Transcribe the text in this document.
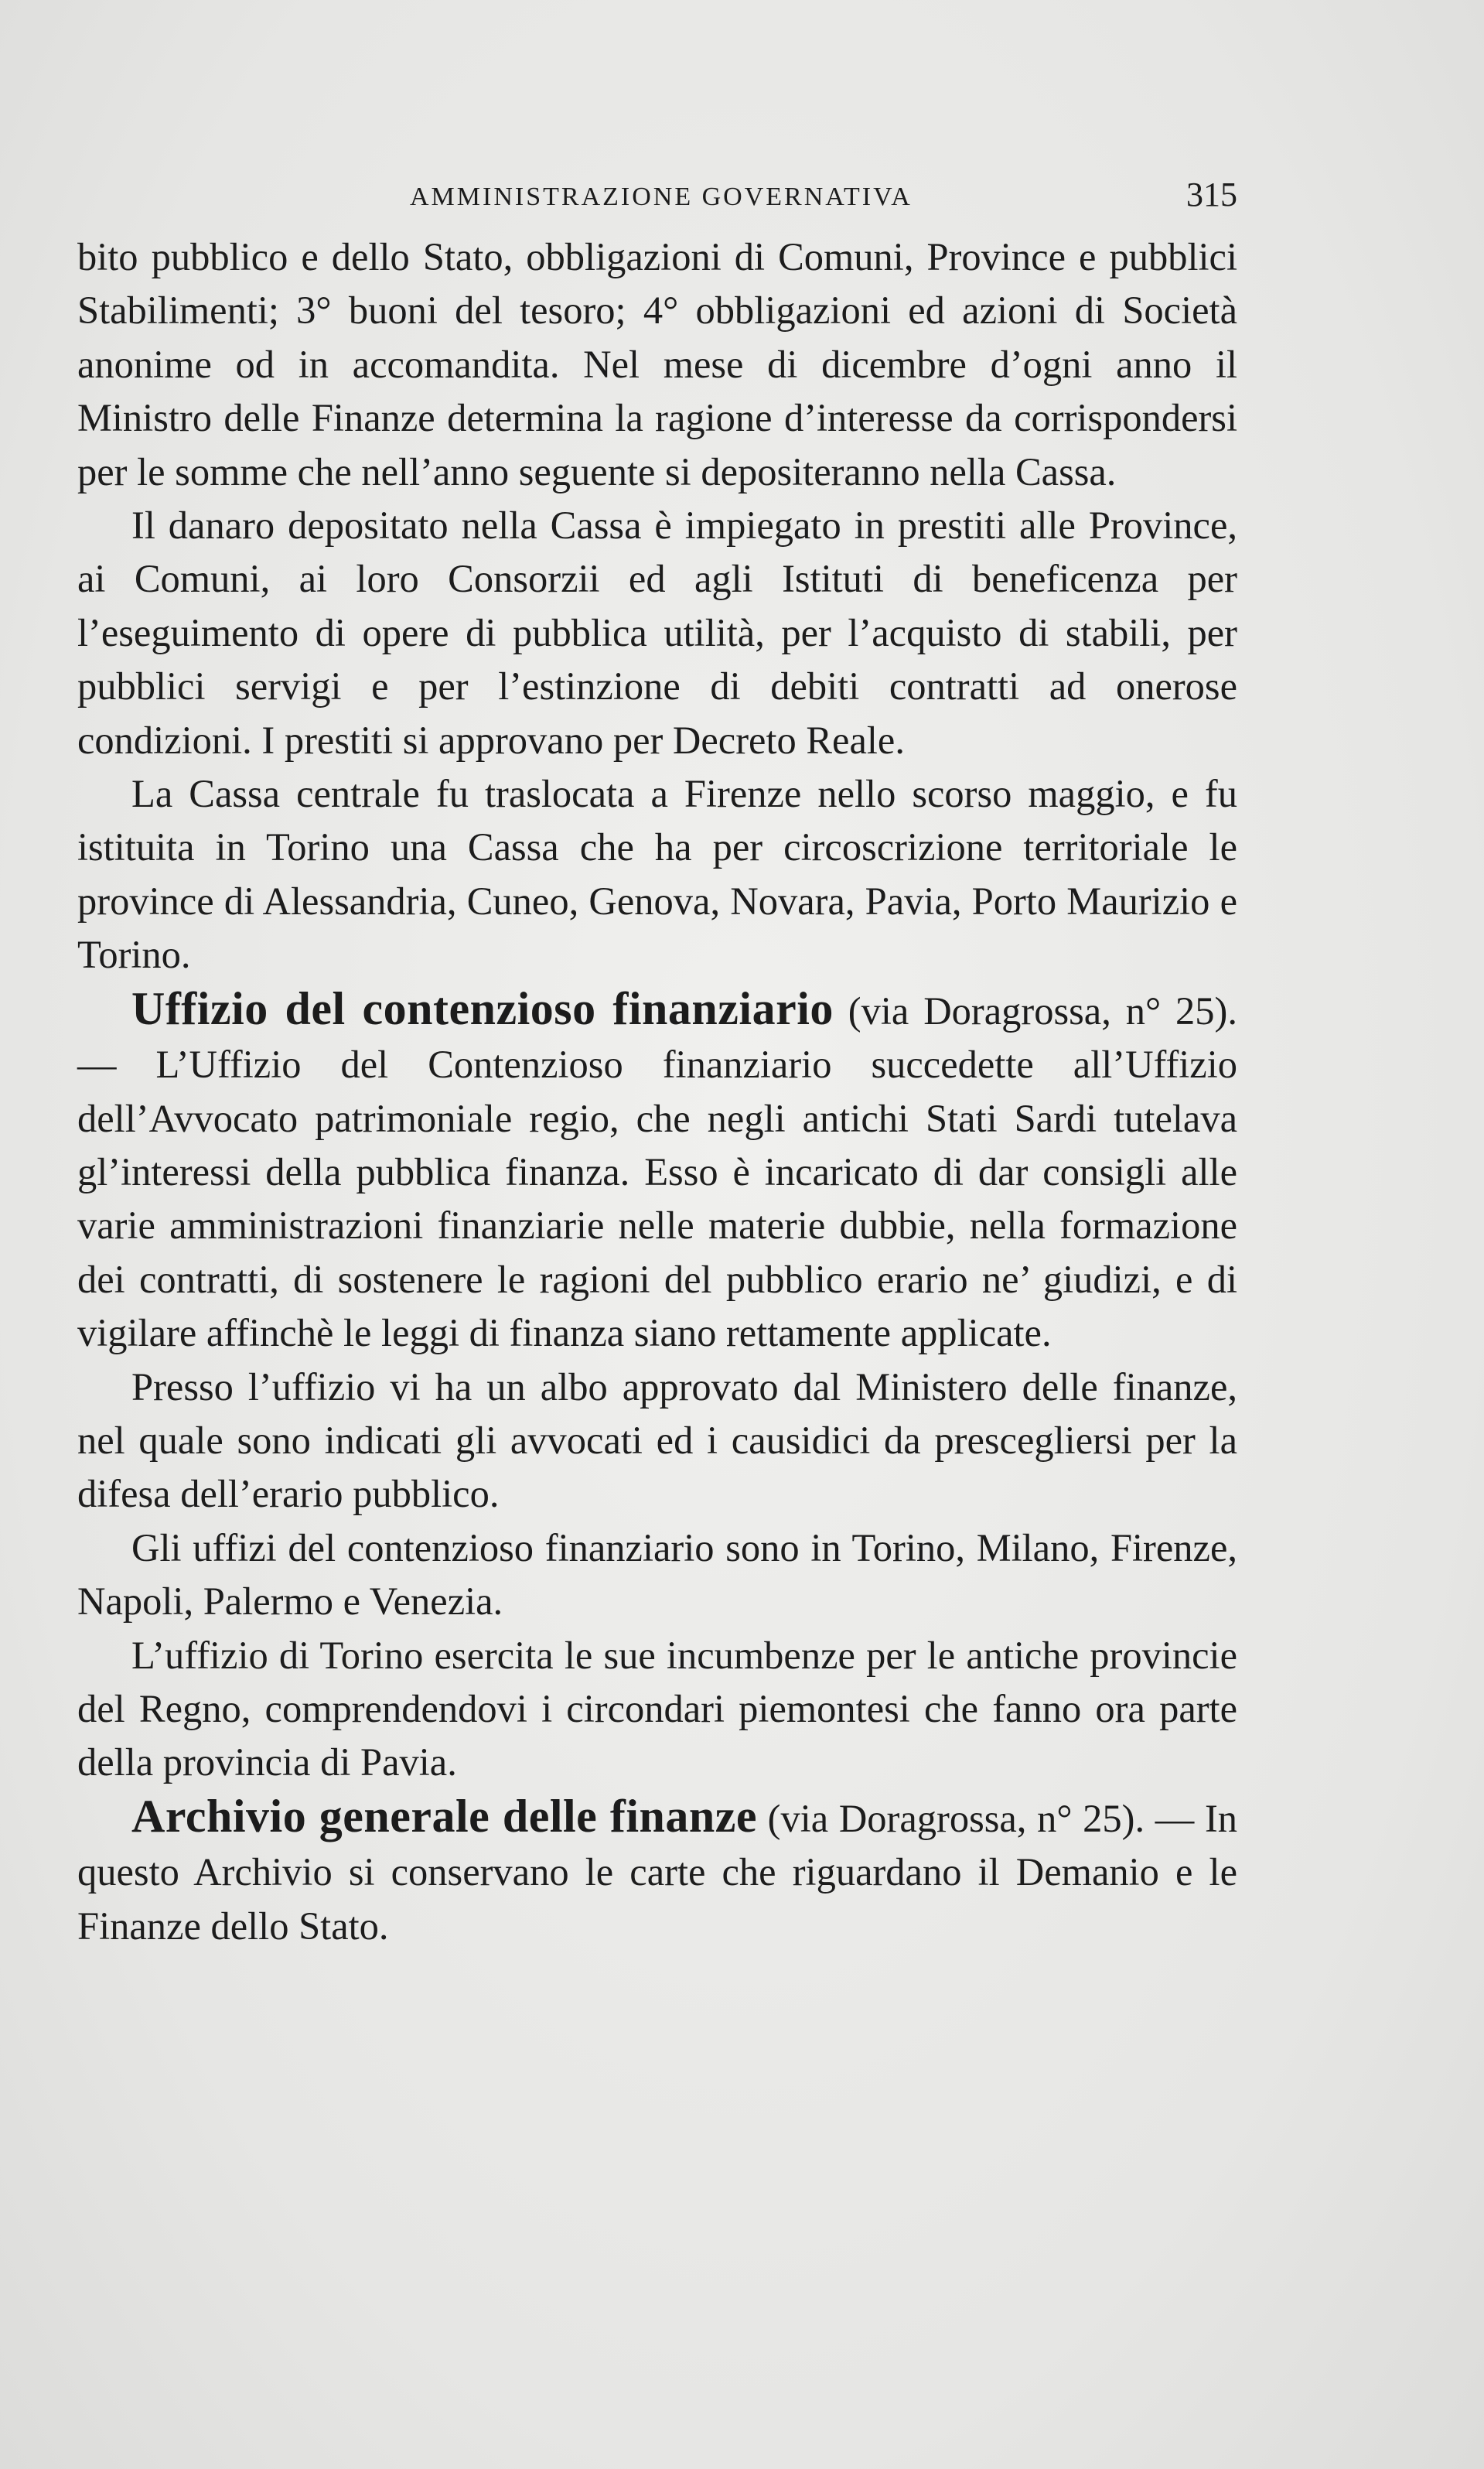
AMMINISTRAZIONE GOVERNATIVA	315

bito pubblico e dello Stato, obbligazioni di Comuni, Province e pubblici Stabilimenti; 3° buoni del tesoro; 4° obbligazioni ed azioni di Società anonime od in accomandita. Nel mese di dicembre d’ogni anno il Ministro delle Finanze determina la ragione d’interesse da corrispondersi per le somme che nell’anno seguente si depositeranno nella Cassa.

Il danaro depositato nella Cassa è impiegato in prestiti alle Province, ai Comuni, ai loro Consorzii ed agli Istituti di beneficenza per l’eseguimento di opere di pubblica utilità, per l’acquisto di stabili, per pubblici servigi e per l’estinzione di debiti contratti ad onerose condizioni. I prestiti si approvano per Decreto Reale.

La Cassa centrale fu traslocata a Firenze nello scorso maggio, e fu istituita in Torino una Cassa che ha per circoscrizione territoriale le province di Alessandria, Cuneo, Genova, Novara, Pavia, Porto Maurizio e Torino.

Uffizio del contenzioso finanziario (via Doragrossa, n° 25). — L’Uffizio del Contenzioso finanziario succedette all’Uffizio dell’Avvocato patrimoniale regio, che negli antichi Stati Sardi tutelava gl’interessi della pubblica finanza. Esso è incaricato di dar consigli alle varie amministrazioni finanziarie nelle materie dubbie, nella formazione dei contratti, di sostenere le ragioni del pubblico erario ne’ giudizi, e di vigilare affinchè le leggi di finanza siano rettamente applicate.

Presso l’uffizio vi ha un albo approvato dal Ministero delle finanze, nel quale sono indicati gli avvocati ed i causidici da prescegliersi per la difesa dell’erario pubblico.

Gli uffizi del contenzioso finanziario sono in Torino, Milano, Firenze, Napoli, Palermo e Venezia.

L’uffizio di Torino esercita le sue incumbenze per le antiche provincie del Regno, comprendendovi i circondari piemontesi che fanno ora parte della provincia di Pavia.

Archivio generale delle finanze (via Doragrossa, n° 25). — In questo Archivio si conservano le carte che riguardano il Demanio e le Finanze dello Stato.
